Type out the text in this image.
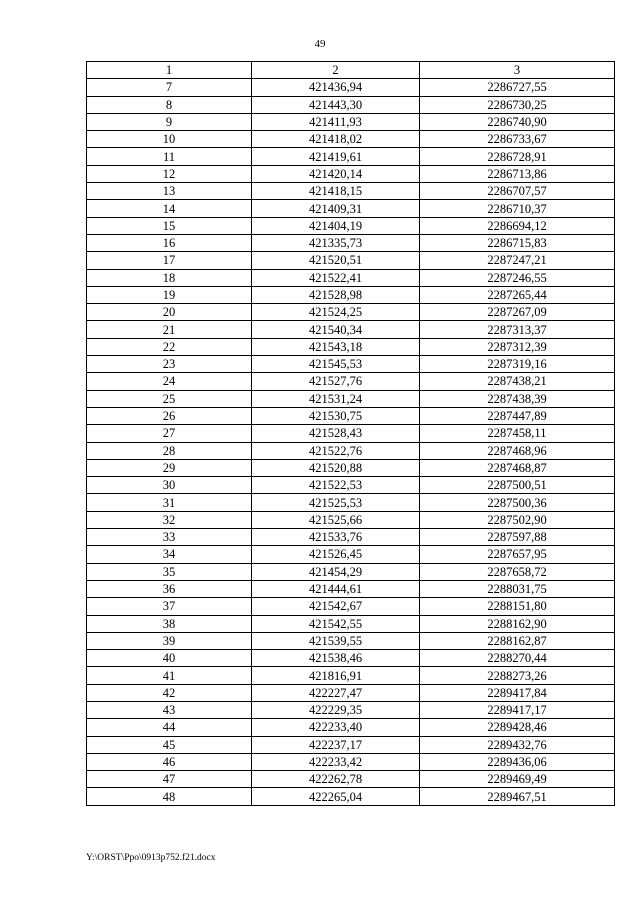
49
1	2	3
7	421436,94	2286727,55
8	421443,30	2286730,25
9	421411,93	2286740,90
10	421418,02	2286733,67
11	421419,61	2286728,91
12	421420,14	2286713,86
13	421418,15	2286707,57
14	421409,31	2286710,37
15	421404,19	2286694,12
16	421335,73	2286715,83
17	421520,51	2287247,21
18	421522,41	2287246,55
19	421528,98	2287265,44
20	421524,25	2287267,09
21	421540,34	2287313,37
22	421543,18	2287312,39
23	421545,53	2287319,16
24	421527,76	2287438,21
25	421531,24	2287438,39
26	421530,75	2287447,89
27	421528,43	2287458,11
28	421522,76	2287468,96
29	421520,88	2287468,87
30	421522,53	2287500,51
31	421525,53	2287500,36
32	421525,66	2287502,90
33	421533,76	2287597,88
34	421526,45	2287657,95
35	421454,29	2287658,72
36	421444,61	2288031,75
37	421542,67	2288151,80
38	421542,55	2288162,90
39	421539,55	2288162,87
40	421538,46	2288270,44
41	421816,91	2288273,26
42	422227,47	2289417,84
43	422229,35	2289417,17
44	422233,40	2289428,46
45	422237,17	2289432,76
46	422233,42	2289436,06
47	422262,78	2289469,49
48	422265,04	2289467,51
Y:\ORST\Ppo\0913p752.f21.docx
